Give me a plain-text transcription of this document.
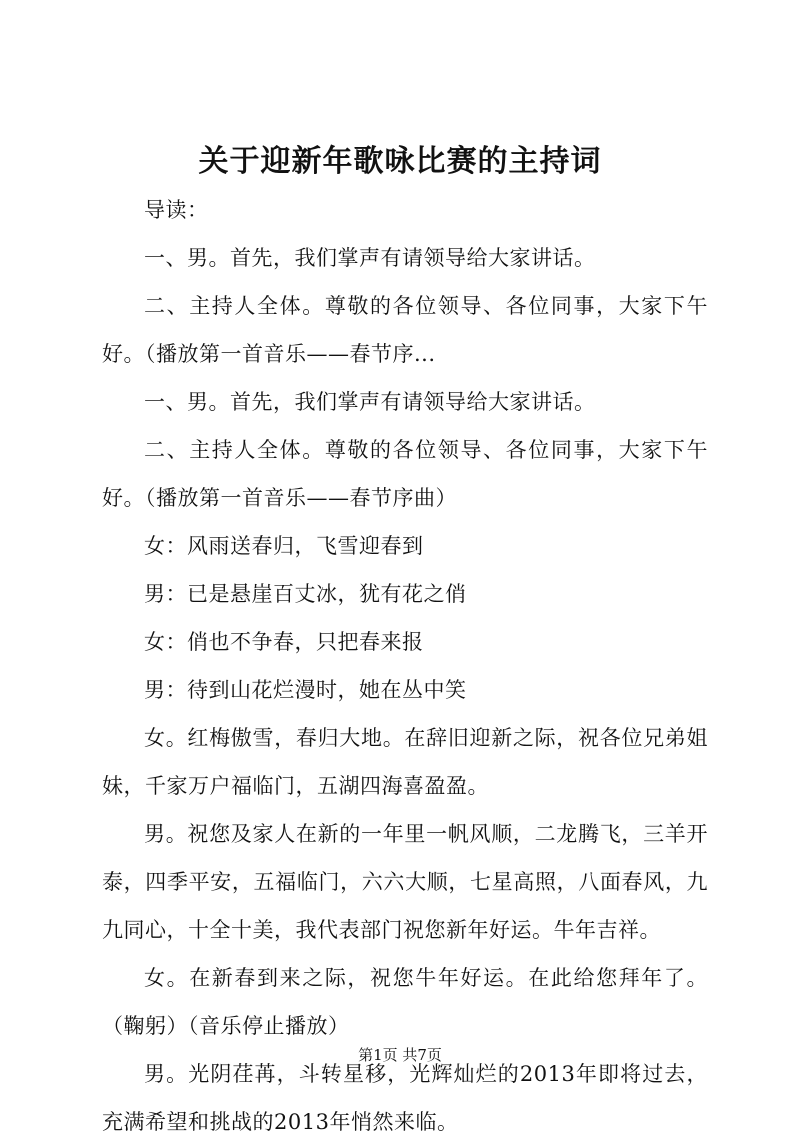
关于迎新年歌咏比赛的主持词

导读：

一、男。首先，我们掌声有请领导给大家讲话。

二、主持人全体。尊敬的各位领导、各位同事，大家下午好。（播放第一首音乐——春节序...

一、男。首先，我们掌声有请领导给大家讲话。

二、主持人全体。尊敬的各位领导、各位同事，大家下午好。（播放第一首音乐——春节序曲）

女：风雨送春归，飞雪迎春到

男：已是悬崖百丈冰，犹有花之俏

女：俏也不争春，只把春来报

男：待到山花烂漫时，她在丛中笑

女。红梅傲雪，春归大地。在辞旧迎新之际，祝各位兄弟姐妹，千家万户福临门，五湖四海喜盈盈。

男。祝您及家人在新的一年里一帆风顺，二龙腾飞，三羊开泰，四季平安，五福临门，六六大顺，七星高照，八面春风，九九同心，十全十美，我代表部门祝您新年好运。牛年吉祥。

女。在新春到来之际，祝您牛年好运。在此给您拜年了。（鞠躬）（音乐停止播放）

男。光阴荏苒，斗转星移，光辉灿烂的2013年即将过去，充满希望和挑战的2013年悄然来临。

第1页 共7页
